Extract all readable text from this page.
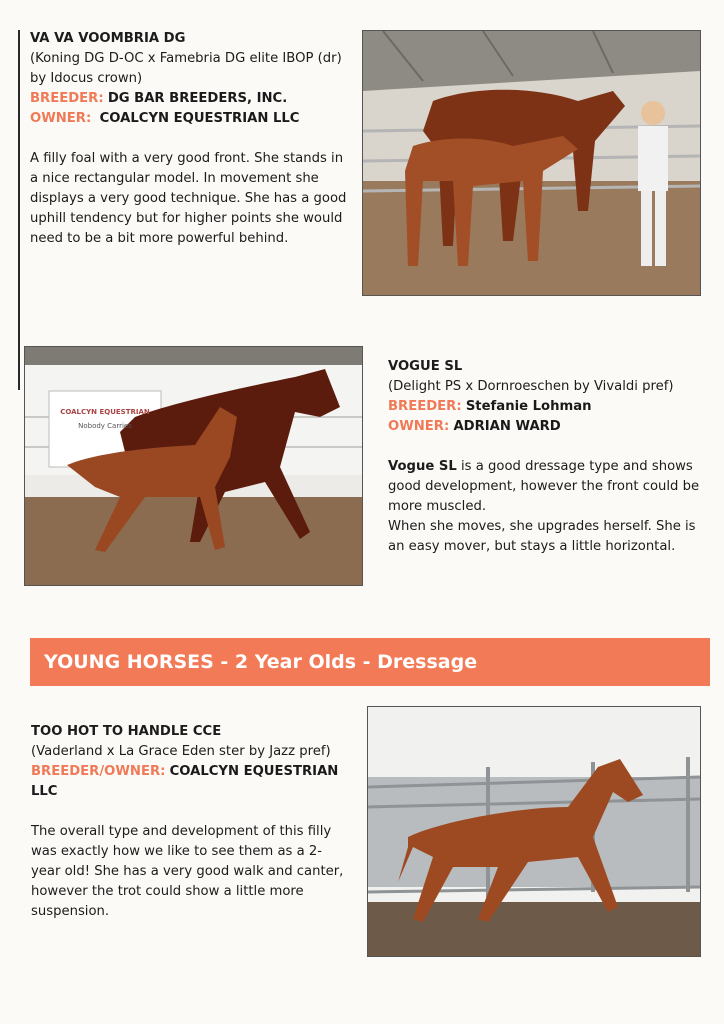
VA VA VOOMBRIA DG
(Koning DG D-OC x Famebria DG elite IBOP (dr) by Idocus crown)
BREEDER: DG BAR BREEDERS, INC.
OWNER: COALCYN EQUESTRIAN LLC
A filly foal with a very good front. She stands in a nice rectangular model. In movement she displays a very good technique. She has a good uphill tendency but for higher points she would need to be a bit more powerful behind.
COALCYN EQUESTRIAN
Nobody Carries
VOGUE SL
(Delight PS x Dornroeschen by Vivaldi pref)
BREEDER: Stefanie Lohman
OWNER: ADRIAN WARD
Vogue SL is a good dressage type and shows good development, however the front could be more muscled.
When she moves, she upgrades herself. She is an easy mover, but stays a little horizontal.
YOUNG HORSES - 2 Year Olds - Dressage
TOO HOT TO HANDLE CCE
(Vaderland x La Grace Eden ster by Jazz pref)
BREEDER/OWNER: COALCYN EQUESTRIAN LLC
The overall type and development of this filly was exactly how we like to see them as a 2-year old! She has a very good walk and canter, however the trot could show a little more suspension.
